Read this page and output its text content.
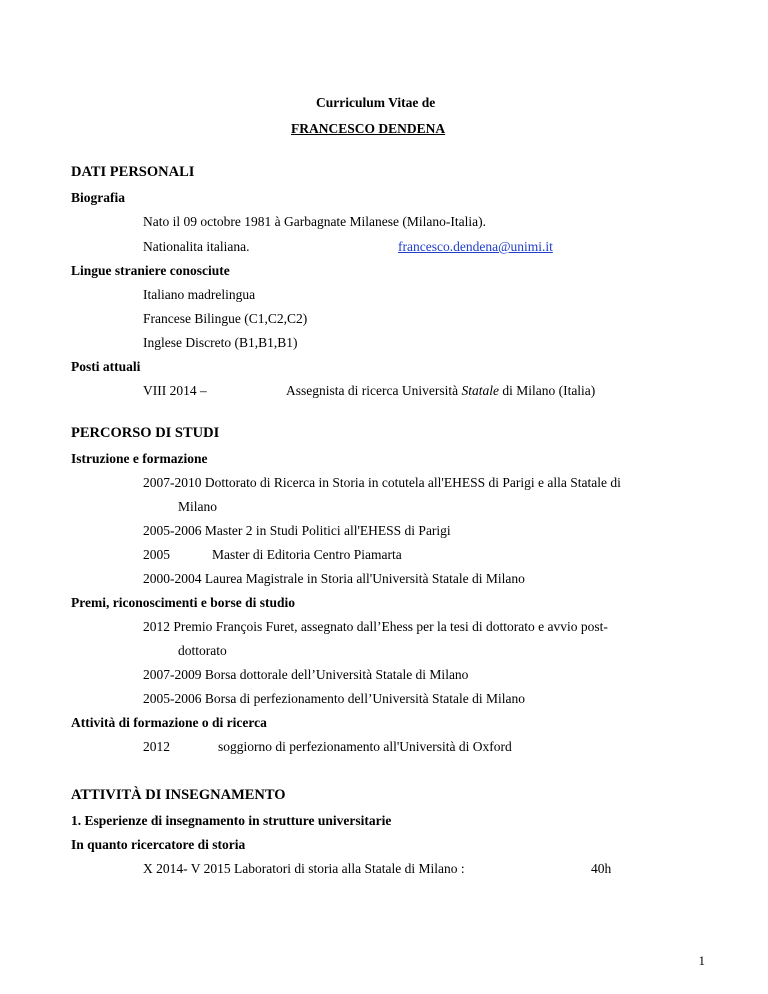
Curriculum Vitae de
FRANCESCO DENDENA
DATI PERSONALI
Biografia
Nato il 09 octobre 1981 à Garbagnate Milanese (Milano-Italia).
Nationalita italiana.	francesco.dendena@unimi.it
Lingue straniere conosciute
Italiano madrelingua
Francese Bilingue (C1,C2,C2)
Inglese Discreto (B1,B1,B1)
Posti attuali
VIII 2014 –	Assegnista di ricerca Università Statale di Milano (Italia)
PERCORSO DI STUDI
Istruzione e formazione
2007-2010 Dottorato di Ricerca in Storia in cotutela all'EHESS di Parigi e alla Statale di
Milano
2005-2006 Master 2 in Studi Politici all'EHESS di Parigi
2005	Master di Editoria Centro Piamarta
2000-2004 Laurea Magistrale in Storia all'Università Statale di Milano
Premi, riconoscimenti e borse di studio
2012 Premio François Furet, assegnato dall’Ehess per la tesi di dottorato e avvio post-
dottorato
2007-2009 Borsa dottorale dell’Università Statale di Milano
2005-2006 Borsa di perfezionamento dell’Università Statale di Milano
Attività di formazione o di ricerca
2012	soggiorno di perfezionamento all'Università di Oxford
ATTIVITÀ DI INSEGNAMENTO
1. Esperienze di insegnamento in strutture universitarie
In quanto ricercatore di storia
X 2014- V 2015 Laboratori di storia alla Statale di Milano :	40h
1
